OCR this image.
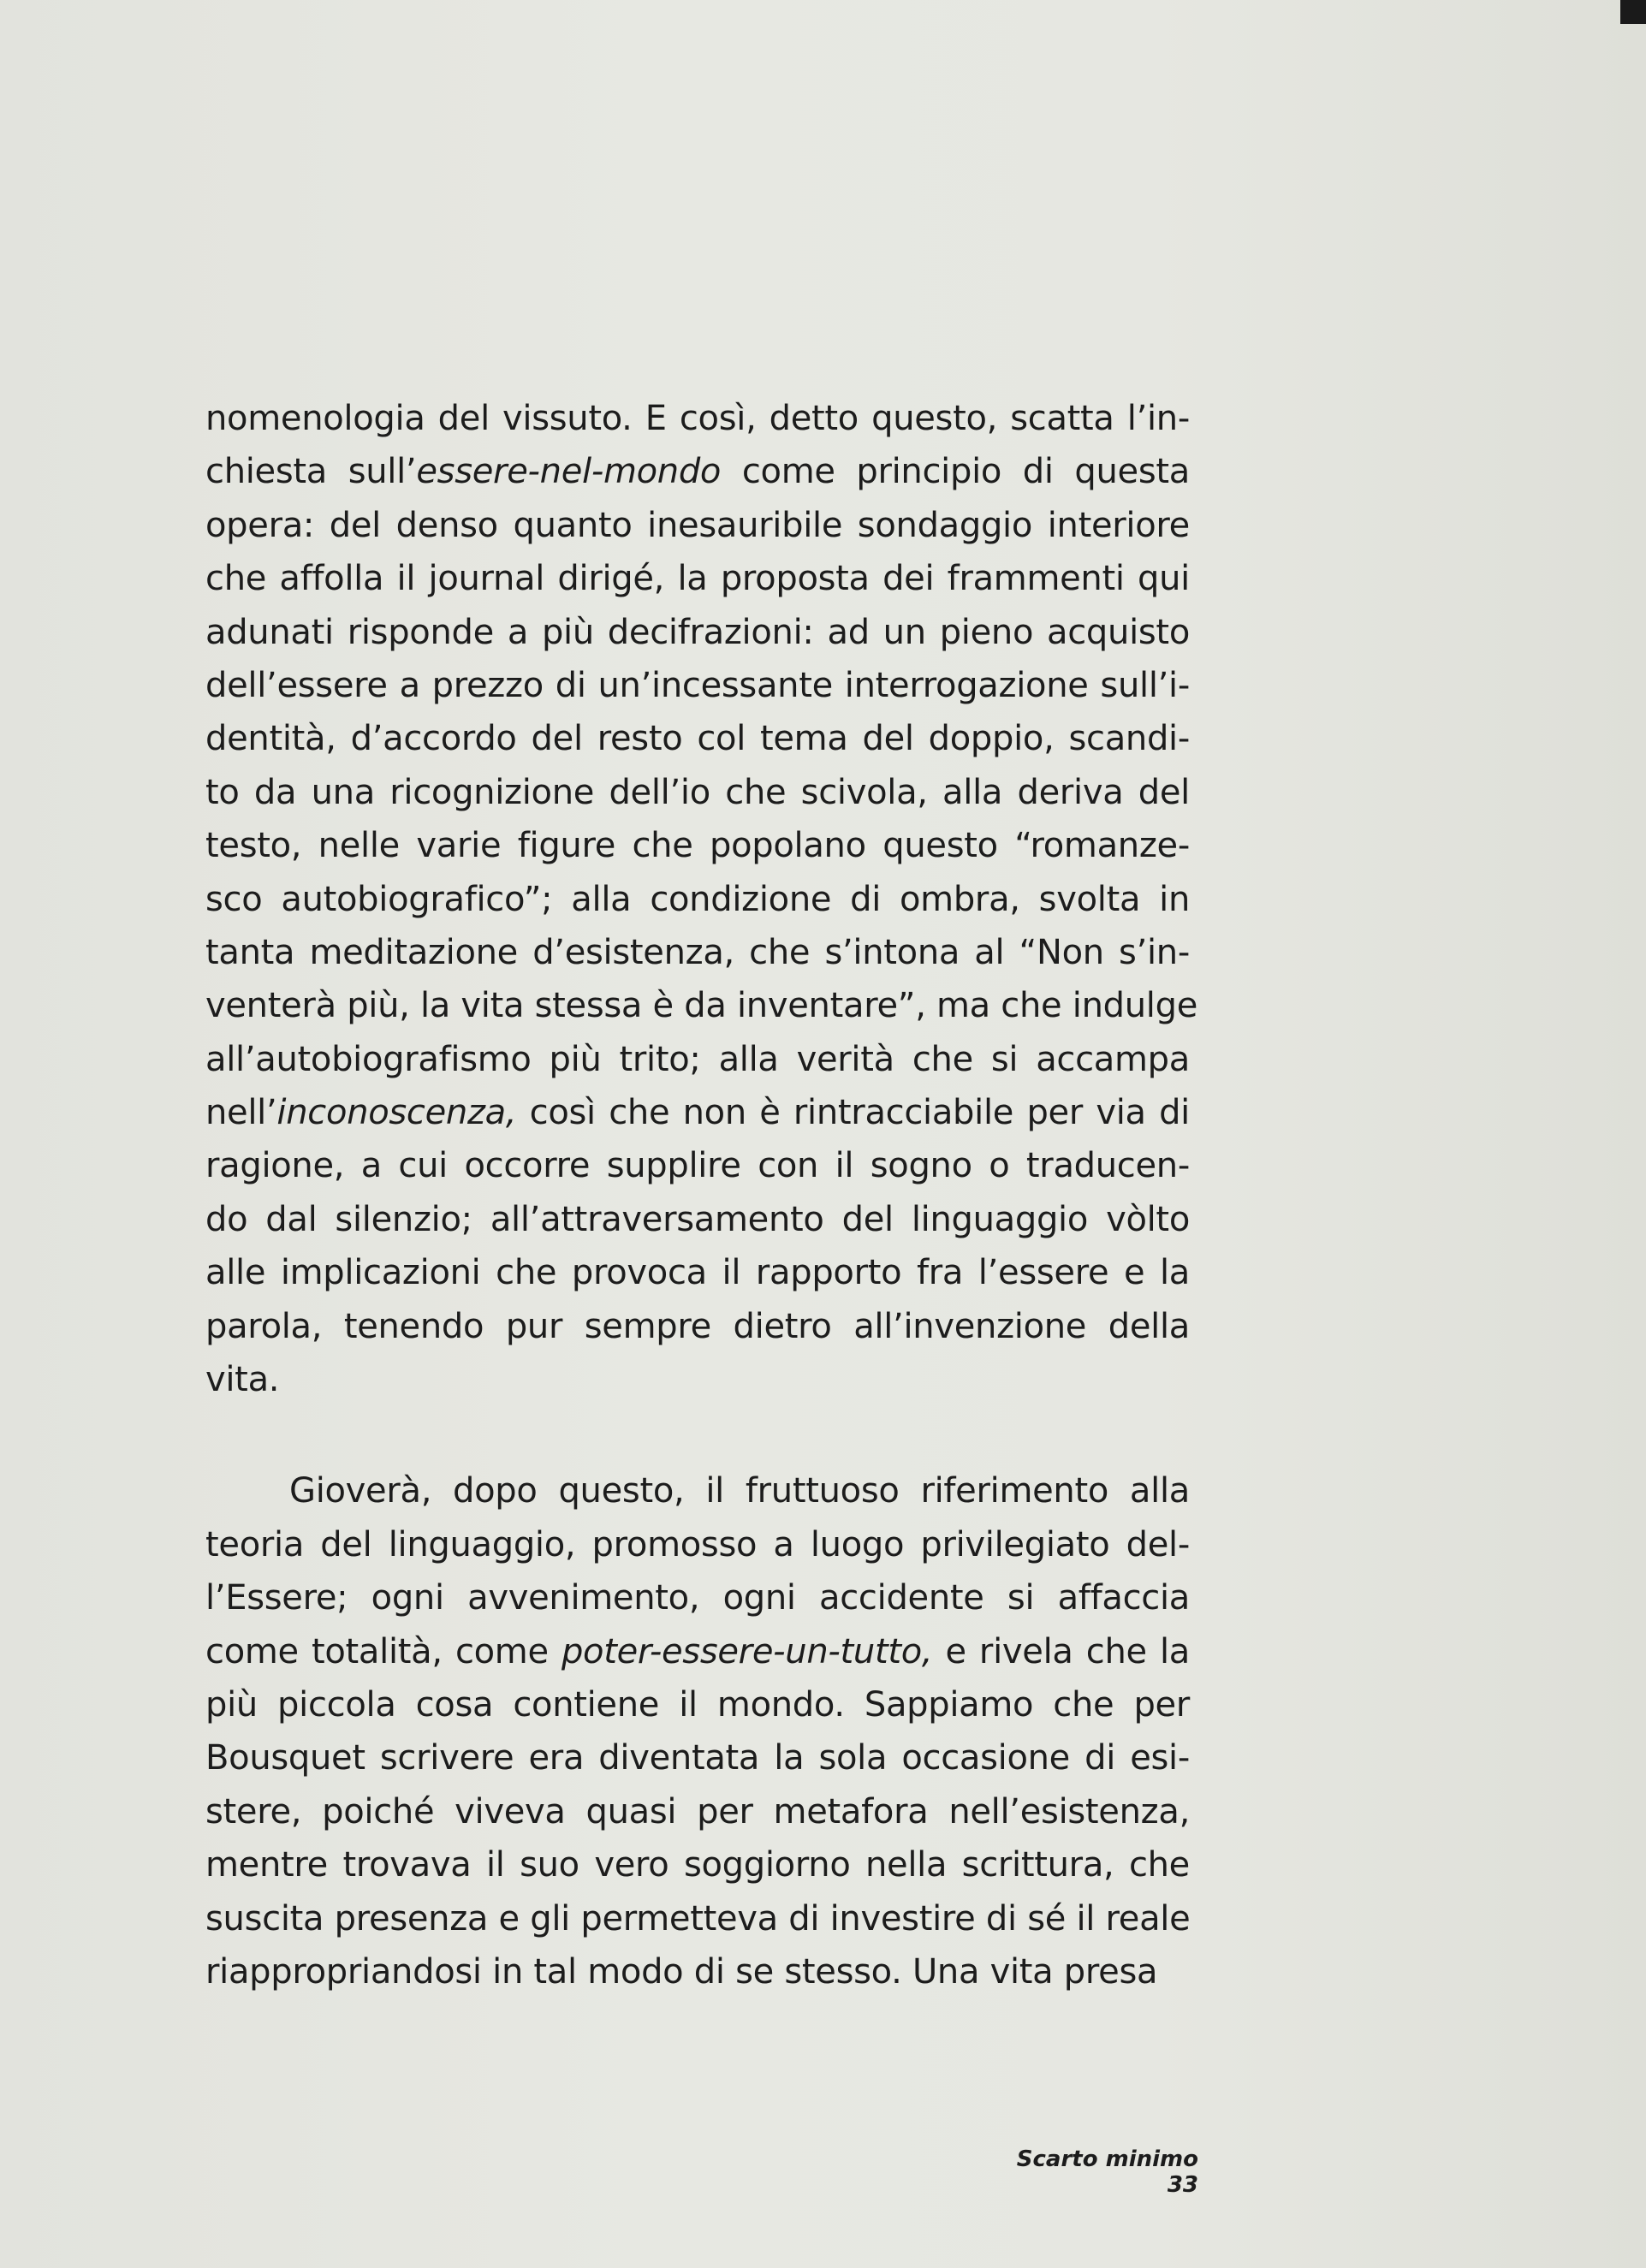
nomenologia del vissuto. E così, detto questo, scatta l’in-
chiesta sull’essere-nel-mondo come principio di questa
opera: del denso quanto inesauribile sondaggio interiore
che affolla il journal dirigé, la proposta dei frammenti qui
adunati risponde a più decifrazioni: ad un pieno acquisto
dell’essere a prezzo di un’incessante interrogazione sull’i-
dentità, d’accordo del resto col tema del doppio, scandi-
to da una ricognizione dell’io che scivola, alla deriva del
testo, nelle varie figure che popolano questo “romanze-
sco autobiografico”; alla condizione di ombra, svolta in
tanta meditazione d’esistenza, che s’intona al “Non s’in-
venterà più, la vita stessa è da inventare”, ma che indulge
all’autobiografismo più trito; alla verità che si accampa
nell’inconoscenza, così che non è rintracciabile per via di
ragione, a cui occorre supplire con il sogno o traducen-
do dal silenzio; all’attraversamento del linguaggio vòlto
alle implicazioni che provoca il rapporto fra l’essere e la
parola, tenendo pur sempre dietro all’invenzione della
vita.
Gioverà, dopo questo, il fruttuoso riferimento alla
teoria del linguaggio, promosso a luogo privilegiato del-
l’Essere; ogni avvenimento, ogni accidente si affaccia
come totalità, come poter-essere-un-tutto, e rivela che la
più piccola cosa contiene il mondo. Sappiamo che per
Bousquet scrivere era diventata la sola occasione di esi-
stere, poiché viveva quasi per metafora nell’esistenza,
mentre trovava il suo vero soggiorno nella scrittura, che
suscita presenza e gli permetteva di investire di sé il reale
riappropriandosi in tal modo di se stesso. Una vita presa
Scarto minimo 33
